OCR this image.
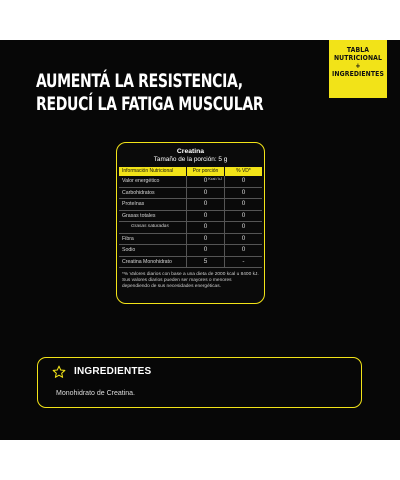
TABLA
NUTRICIONAL
+
INGREDIENTES
AUMENTÁ LA RESISTENCIA,
REDUCÍ LA FATIGA MUSCULAR
Creatina
Tamaño de la porción: 5 g
Información Nutricional	Por porción	% VD*
Valor energético	0 Kcal / kJ	0
Carbohidratos	0	0
Proteínas	0	0
Grasas totales	0	0
Grasas saturadas	0	0
Fibra	0	0
Sodio	0	0
Creatina Monohidrato	5	-
*% Valores diarios con base a una dieta de 2000 kcal u 8400 kJ. Sus valores diarios pueden ser mayores o menores dependiendo de sus necesidades energéticas.
INGREDIENTES
Monohidrato de Creatina.
